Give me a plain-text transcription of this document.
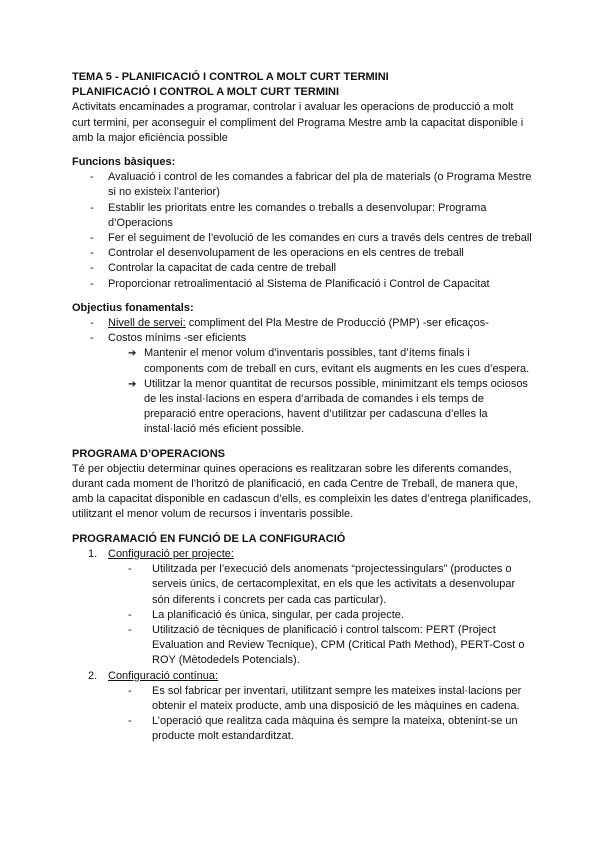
TEMA 5 - PLANIFICACIÓ I CONTROL A MOLT CURT TERMINI

PLANIFICACIÓ I CONTROL A MOLT CURT TERMINI

Activitats encaminades a programar, controlar i avaluar les operacions de producció a molt curt termini, per aconseguir el compliment del Programa Mestre amb la capacitat disponible i amb la major eficiència possible

Funcions bàsiques:

- Avaluació i control de les comandes a fabricar del pla de materials (o Programa Mestre si no existeix l’anterior)
- Establir les prioritats entre les comandes o treballs a desenvolupar: Programa d’Operacions
- Fer el seguiment de l’evolució de les comandes en curs a través dels centres de treball
- Controlar el desenvolupament de les operacions en els centres de treball
- Controlar la capacitat de cada centre de treball
- Proporcionar retroalimentació al Sistema de Planificació i Control de Capacitat

Objectius fonamentals:

- Nivell de servei: compliment del Pla Mestre de Producció (PMP) -ser eficaços-
- Costos mínims -ser eficients
➔ Mantenir el menor volum d’inventaris possibles, tant d’ítems finals i components com de treball en curs, evitant els augments en les cues d’espera.
➔ Utilitzar la menor quantitat de recursos possible, minimitzant els temps ociosos de les instal·lacions en espera d’arribada de comandes i els temps de preparació entre operacions, havent d’utilitzar per cadascuna d’elles la instal·lació més eficient possible.

PROGRAMA D’OPERACIONS

Té per objectiu determinar quines operacions es realitzaran sobre les diferents comandes, durant cada moment de l’horitzó de planificació, en cada Centre de Treball, de manera que, amb la capacitat disponible en cadascun d’ells, es compleixin les dates d’entrega planificades, utilitzant el menor volum de recursos i inventaris possible.

PROGRAMACIÓ EN FUNCIÓ DE LA CONFIGURACIÓ

1. Configuració per projecte:
- Utilitzada per l’execució dels anomenats “projectessingulars” (productes o serveis únics, de certacomplexitat, en els que les activitats a desenvolupar són diferents i concrets per cada cas particular).
- La planificació és única, singular, per cada projecte.
- Utilització de tècniques de planificació i control talscom: PERT (Project Evaluation and Review Tecnique), CPM (Critical Path Method), PERT-Cost o ROY (Mètodedels Potencials).
2. Configuració contínua:
- Es sol fabricar per inventari, utilitzant sempre les mateixes instal·lacions per obtenir el mateix producte, amb una disposició de les màquines en cadena.
- L’operació que realitza cada màquina és sempre la mateixa, obtenint-se un producte molt estandarditzat.
